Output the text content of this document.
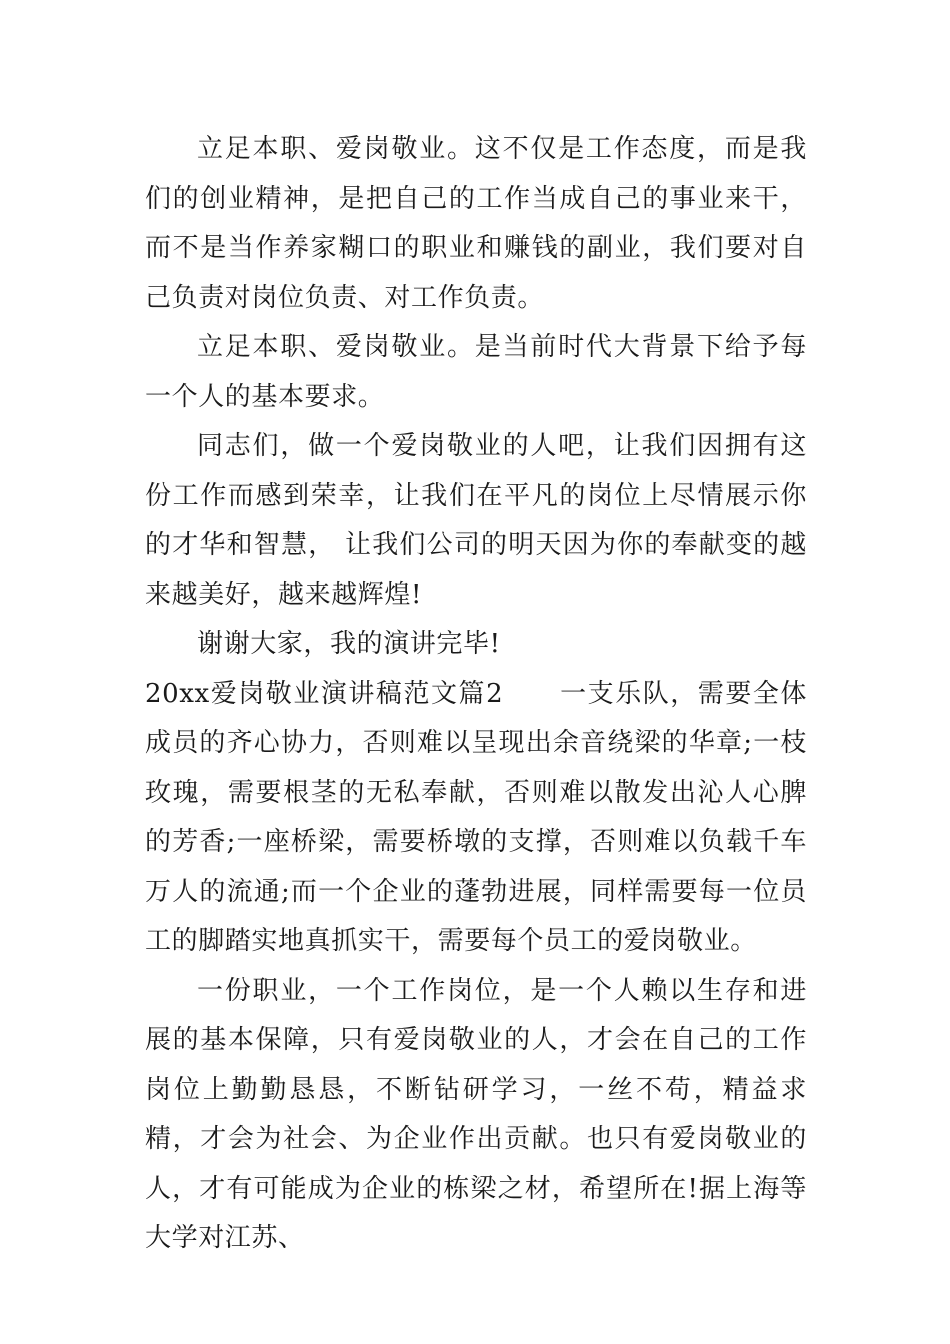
立足本职、爱岗敬业。这不仅是工作态度，而是我们的创业精神，是把自己的工作当成自己的事业来干，而不是当作养家糊口的职业和赚钱的副业，我们要对自己负责对岗位负责、对工作负责。

立足本职、爱岗敬业。是当前时代大背景下给予每一个人的基本要求。

同志们，做一个爱岗敬业的人吧，让我们因拥有这份工作而感到荣幸，让我们在平凡的岗位上尽情展示你的才华和智慧， 让我们公司的明天因为你的奉献变的越来越美好，越来越辉煌!

谢谢大家，我的演讲完毕!

20xx爱岗敬业演讲稿范文篇2 一支乐队，需要全体成员的齐心协力，否则难以呈现出余音绕梁的华章;一枝玫瑰，需要根茎的无私奉献，否则难以散发出沁人心脾的芳香;一座桥梁，需要桥墩的支撑，否则难以负载千车万人的流通;而一个企业的蓬勃进展，同样需要每一位员工的脚踏实地真抓实干，需要每个员工的爱岗敬业。

一份职业，一个工作岗位，是一个人赖以生存和进展的基本保障，只有爱岗敬业的人，才会在自己的工作岗位上勤勤恳恳，不断钻研学习，一丝不苟，精益求精，才会为社会、为企业作出贡献。也只有爱岗敬业的人，才有可能成为企业的栋梁之材，希望所在!据上海等大学对江苏、
